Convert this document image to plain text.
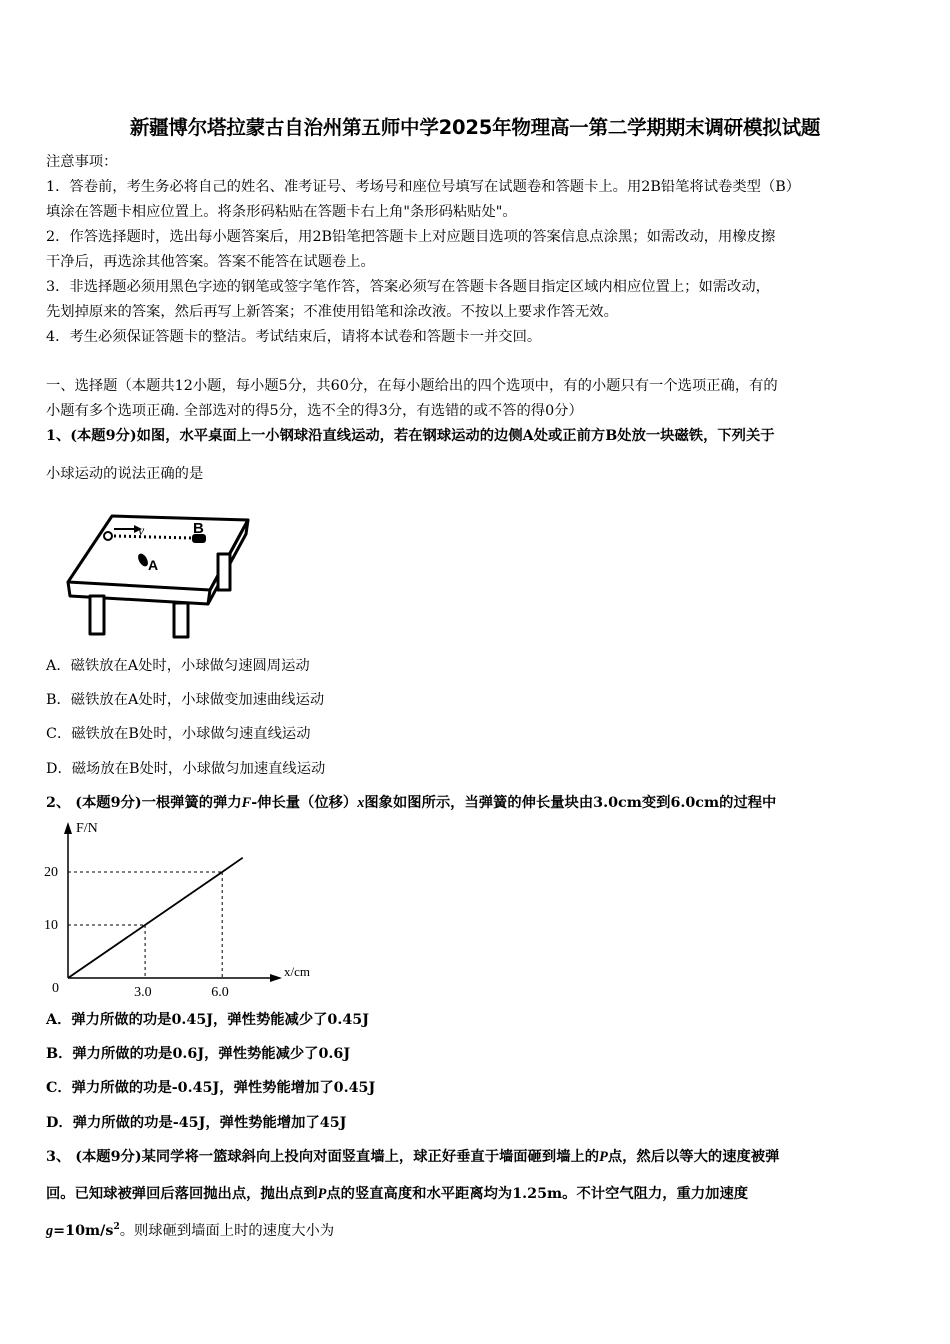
新疆博尔塔拉蒙古自治州第五师中学2025年物理高一第二学期期末调研模拟试题
注意事项：
1．答卷前，考生务必将自己的姓名、准考证号、考场号和座位号填写在试题卷和答题卡上。用2B铅笔将试卷类型（B）
填涂在答题卡相应位置上。将条形码粘贴在答题卡右上角"条形码粘贴处"。
2．作答选择题时，选出每小题答案后，用2B铅笔把答题卡上对应题目选项的答案信息点涂黑；如需改动，用橡皮擦
干净后，再选涂其他答案。答案不能答在试题卷上。
3．非选择题必须用黑色字迹的钢笔或签字笔作答，答案必须写在答题卡各题目指定区域内相应位置上；如需改动，
先划掉原来的答案，然后再写上新答案；不准使用铅笔和涂改液。不按以上要求作答无效。
4．考生必须保证答题卡的整洁。考试结束后，请将本试卷和答题卡一并交回。
一、选择题（本题共12小题，每小题5分，共60分，在每小题给出的四个选项中，有的小题只有一个选项正确，有的
小题有多个选项正确. 全部选对的得5分，选不全的得3分，有选错的或不答的得0分）
1、(本题9分)如图，水平桌面上一小钢球沿直线运动，若在钢球运动的边侧A处或正前方B处放一块磁铁，下列关于
小球运动的说法正确的是
v	B
A
A．磁铁放在A处时，小球做匀速圆周运动
B．磁铁放在A处时，小球做变加速曲线运动
C．磁铁放在B处时，小球做匀速直线运动
D．磁场放在B处时，小球做匀加速直线运动
2、 (本题9分)一根弹簧的弹力F-伸长量（位移）x图象如图所示，当弹簧的伸长量块由3.0cm变到6.0cm的过程中
F/N
x/cm
0	3.0
10
6.0
20
A．弹力所做的功是0.45J，弹性势能减少了0.45J
B．弹力所做的功是0.6J，弹性势能减少了0.6J
C．弹力所做的功是-0.45J，弹性势能增加了0.45J
D．弹力所做的功是-45J，弹性势能增加了45J
3、 (本题9分)某同学将一篮球斜向上投向对面竖直墙上，球正好垂直于墙面砸到墙上的P点，然后以等大的速度被弹
回。已知球被弹回后落回抛出点，抛出点到P点的竖直高度和水平距离均为1.25m。不计空气阻力，重力加速度
$g=10m/s^2$。则球砸到墙面上时的速度大小为
